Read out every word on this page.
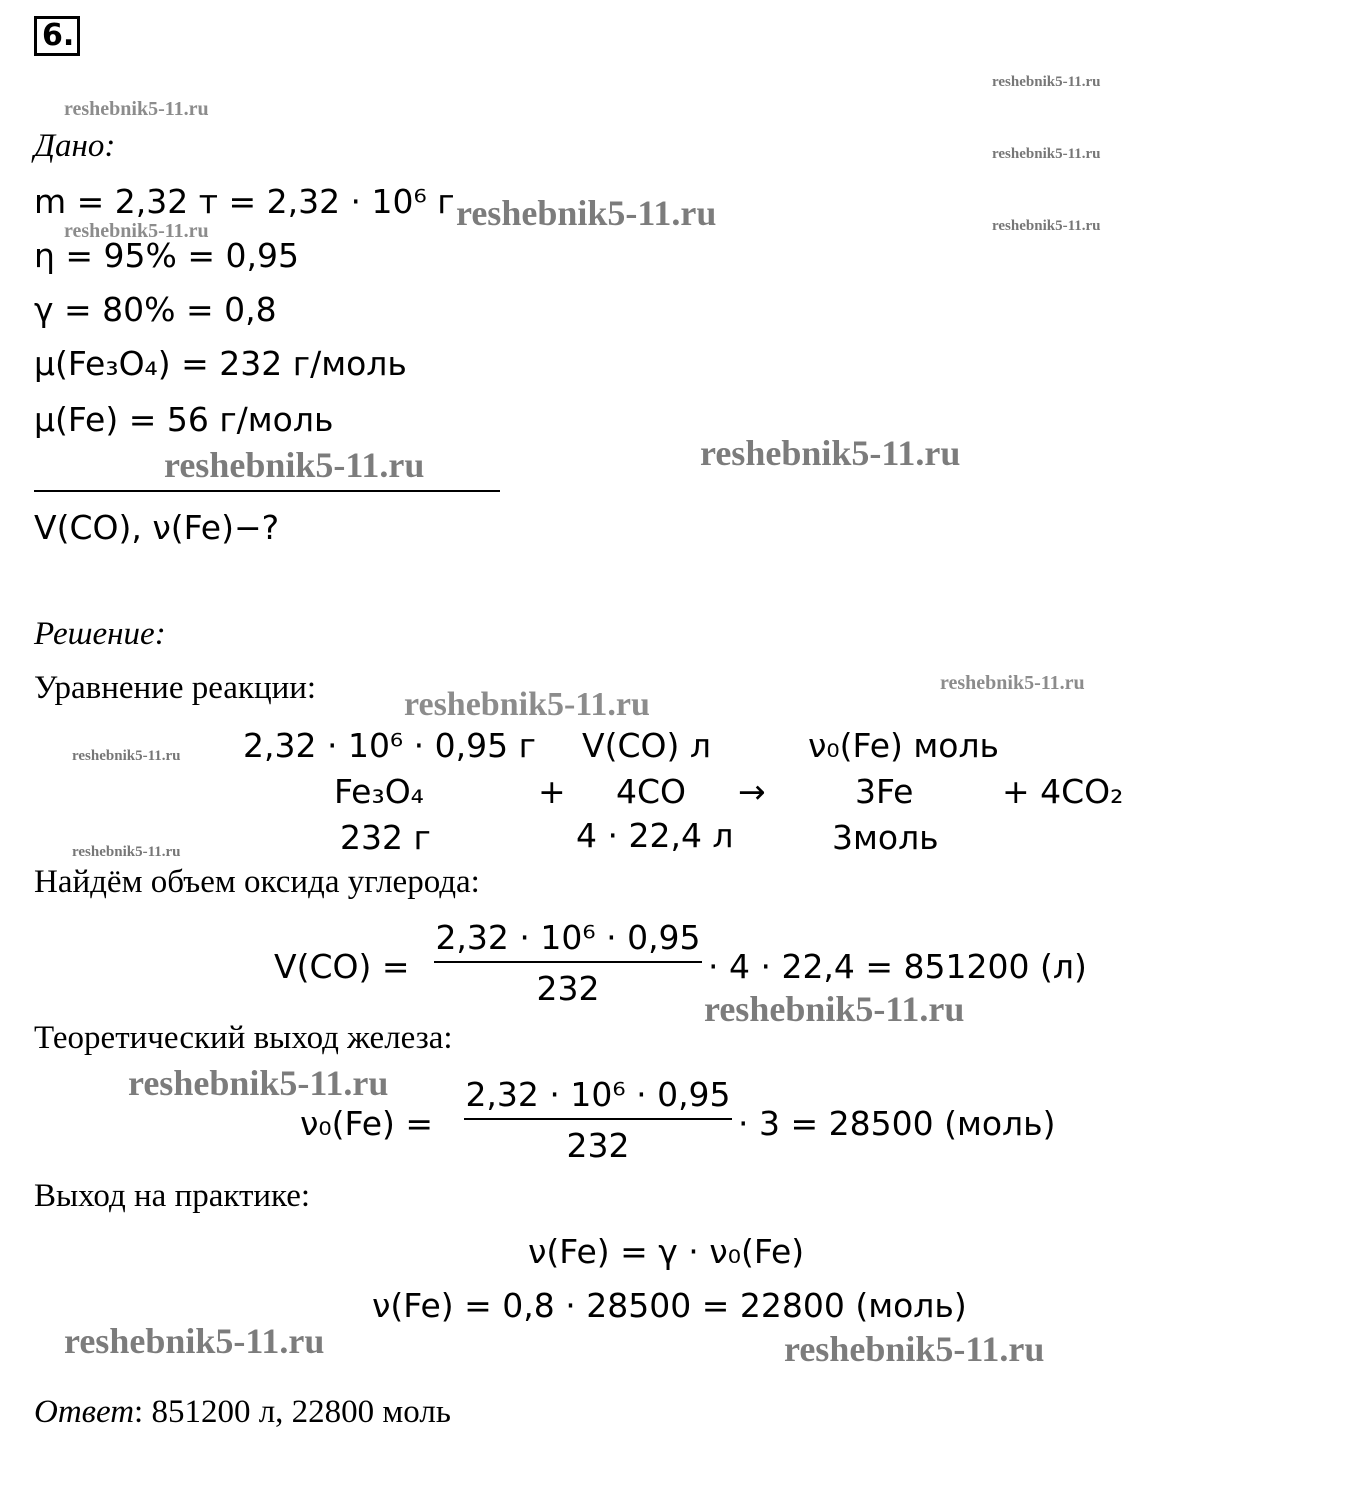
6.
Дано:
m = 2,32 т = 2,32 · 10⁶ г
η = 95% = 0,95
γ = 80% = 0,8
μ(Fe₃O₄) = 232 г/моль
μ(Fe) = 56 г/моль
V(CO), ν(Fe)−?
Решение:
Уравнение реакции:
2,32 · 10⁶ · 0,95 г V(CO) л	ν₀(Fe) моль
Fe₃O₄	+ 4CO →	3Fe	+ 4CO₂
232 г	4 · 22,4 л	3моль
Найдём объем оксида углерода:
V(CO) =
2,32 · 10⁶ · 0,95
232
· 4 · 22,4 = 851200 (л)
Теоретический выход железа:
ν₀(Fe) =
2,32 · 10⁶ · 0,95
232
· 3 = 28500 (моль)
Выход на практике:
ν(Fe) = γ · ν₀(Fe)
ν(Fe) = 0,8 · 28500 = 22800 (моль)
Ответ: 851200 л, 22800 моль
reshebnik5-11.ru
reshebnik5-11.ru
reshebnik5-11.ru
reshebnik5-11.ru
reshebnik5-11.ru	reshebnik5-11.ru
reshebnik5-11.ru	reshebnik5-11.ru
reshebnik5-11.ru
reshebnik5-11.ru
reshebnik5-11.ru
reshebnik5-11.ru
reshebnik5-11.ru
reshebnik5-11.ru
reshebnik5-11.ru	reshebnik5-11.ru
